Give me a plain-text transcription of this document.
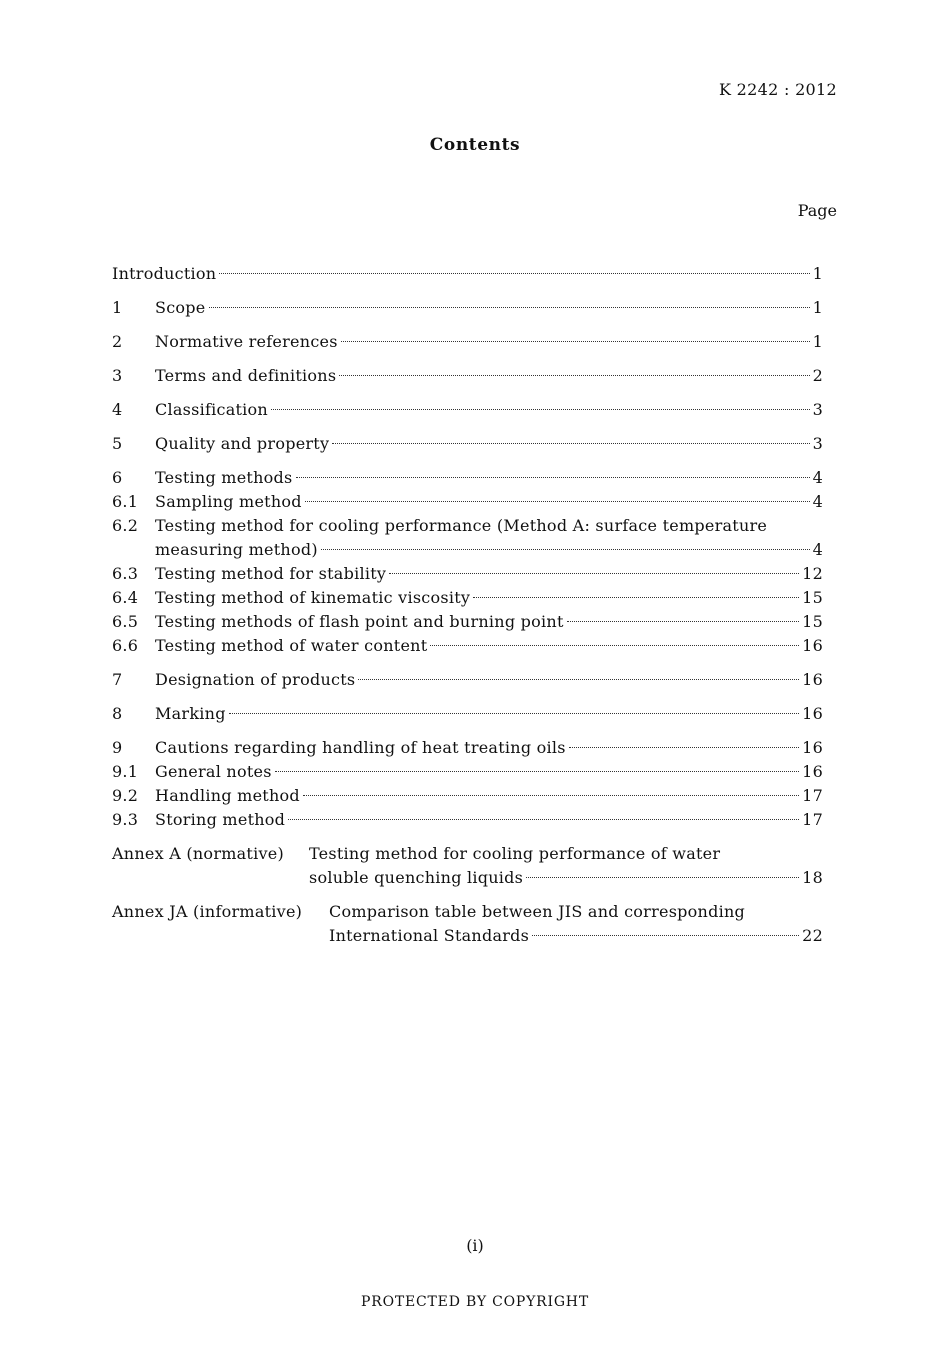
K 2242 : 2012
Contents
Page
Introduction	1
1	Scope	1
2	Normative references	1
3	Terms and definitions	2
4	Classification	3
5	Quality and property	3
6	Testing methods	4
6.1	Sampling method	4
6.2	Testing method for cooling performance (Method A: surface temperature
measuring method)	4
6.3	Testing method for stability	12
6.4	Testing method of kinematic viscosity	15
6.5	Testing methods of flash point and burning point	15
6.6	Testing method of water content	16
7	Designation of products	16
8	Marking	16
9	Cautions regarding handling of heat treating oils	16
9.1	General notes	16
9.2	Handling method	17
9.3	Storing method	17
Annex A (normative)	Testing method for cooling performance of water
soluble quenching liquids	18
Annex JA (informative)	Comparison table between JIS and corresponding
International Standards	22
(i)
PROTECTED BY COPYRIGHT
